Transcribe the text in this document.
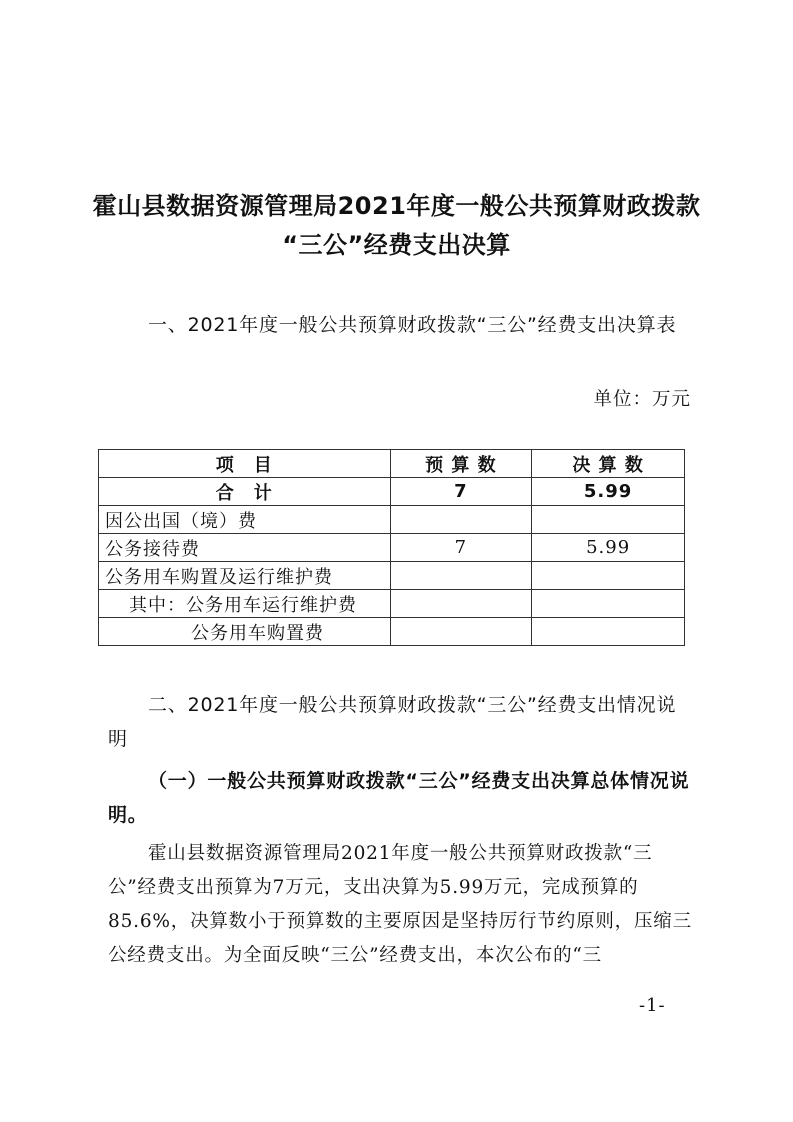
霍山县数据资源管理局2021年度一般公共预算财政拨款
“三公”经费支出决算
一、2021年度一般公共预算财政拨款“三公”经费支出决算表
单位：万元
项　目	预 算 数	决 算 数
合　计	7	5.99
因公出国（境）费		
公务接待费	7	5.99
公务用车购置及运行维护费		
其中：公务用车运行维护费		
公务用车购置费		
二、2021年度一般公共预算财政拨款“三公”经费支出情况说明
（一）一般公共预算财政拨款“三公”经费支出决算总体情况说明。
霍山县数据资源管理局2021年度一般公共预算财政拨款“三公”经费支出预算为7万元，支出决算为5.99万元，完成预算的85.6%，决算数小于预算数的主要原因是坚持厉行节约原则，压缩三公经费支出。为全面反映“三公”经费支出，本次公布的“三
-1-
